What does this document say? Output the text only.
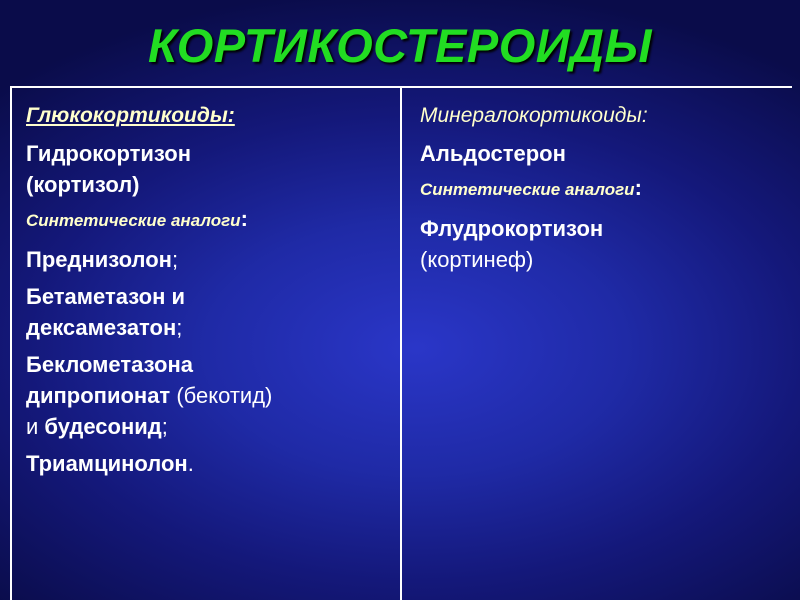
КОРТИКОСТЕРОИДЫ
Глюкокортикоиды:
Гидрокортизон
(кортизол)
Синтетические аналоги:
Преднизолон;
Бетаметазон и
дексамезатон;
Беклометазона
дипропионат (бекотид)
и будесонид;
Триамцинолон.
Минералокортикоиды:
Альдостерон
Синтетические аналоги:
Флудрокортизон
(кортинеф)
